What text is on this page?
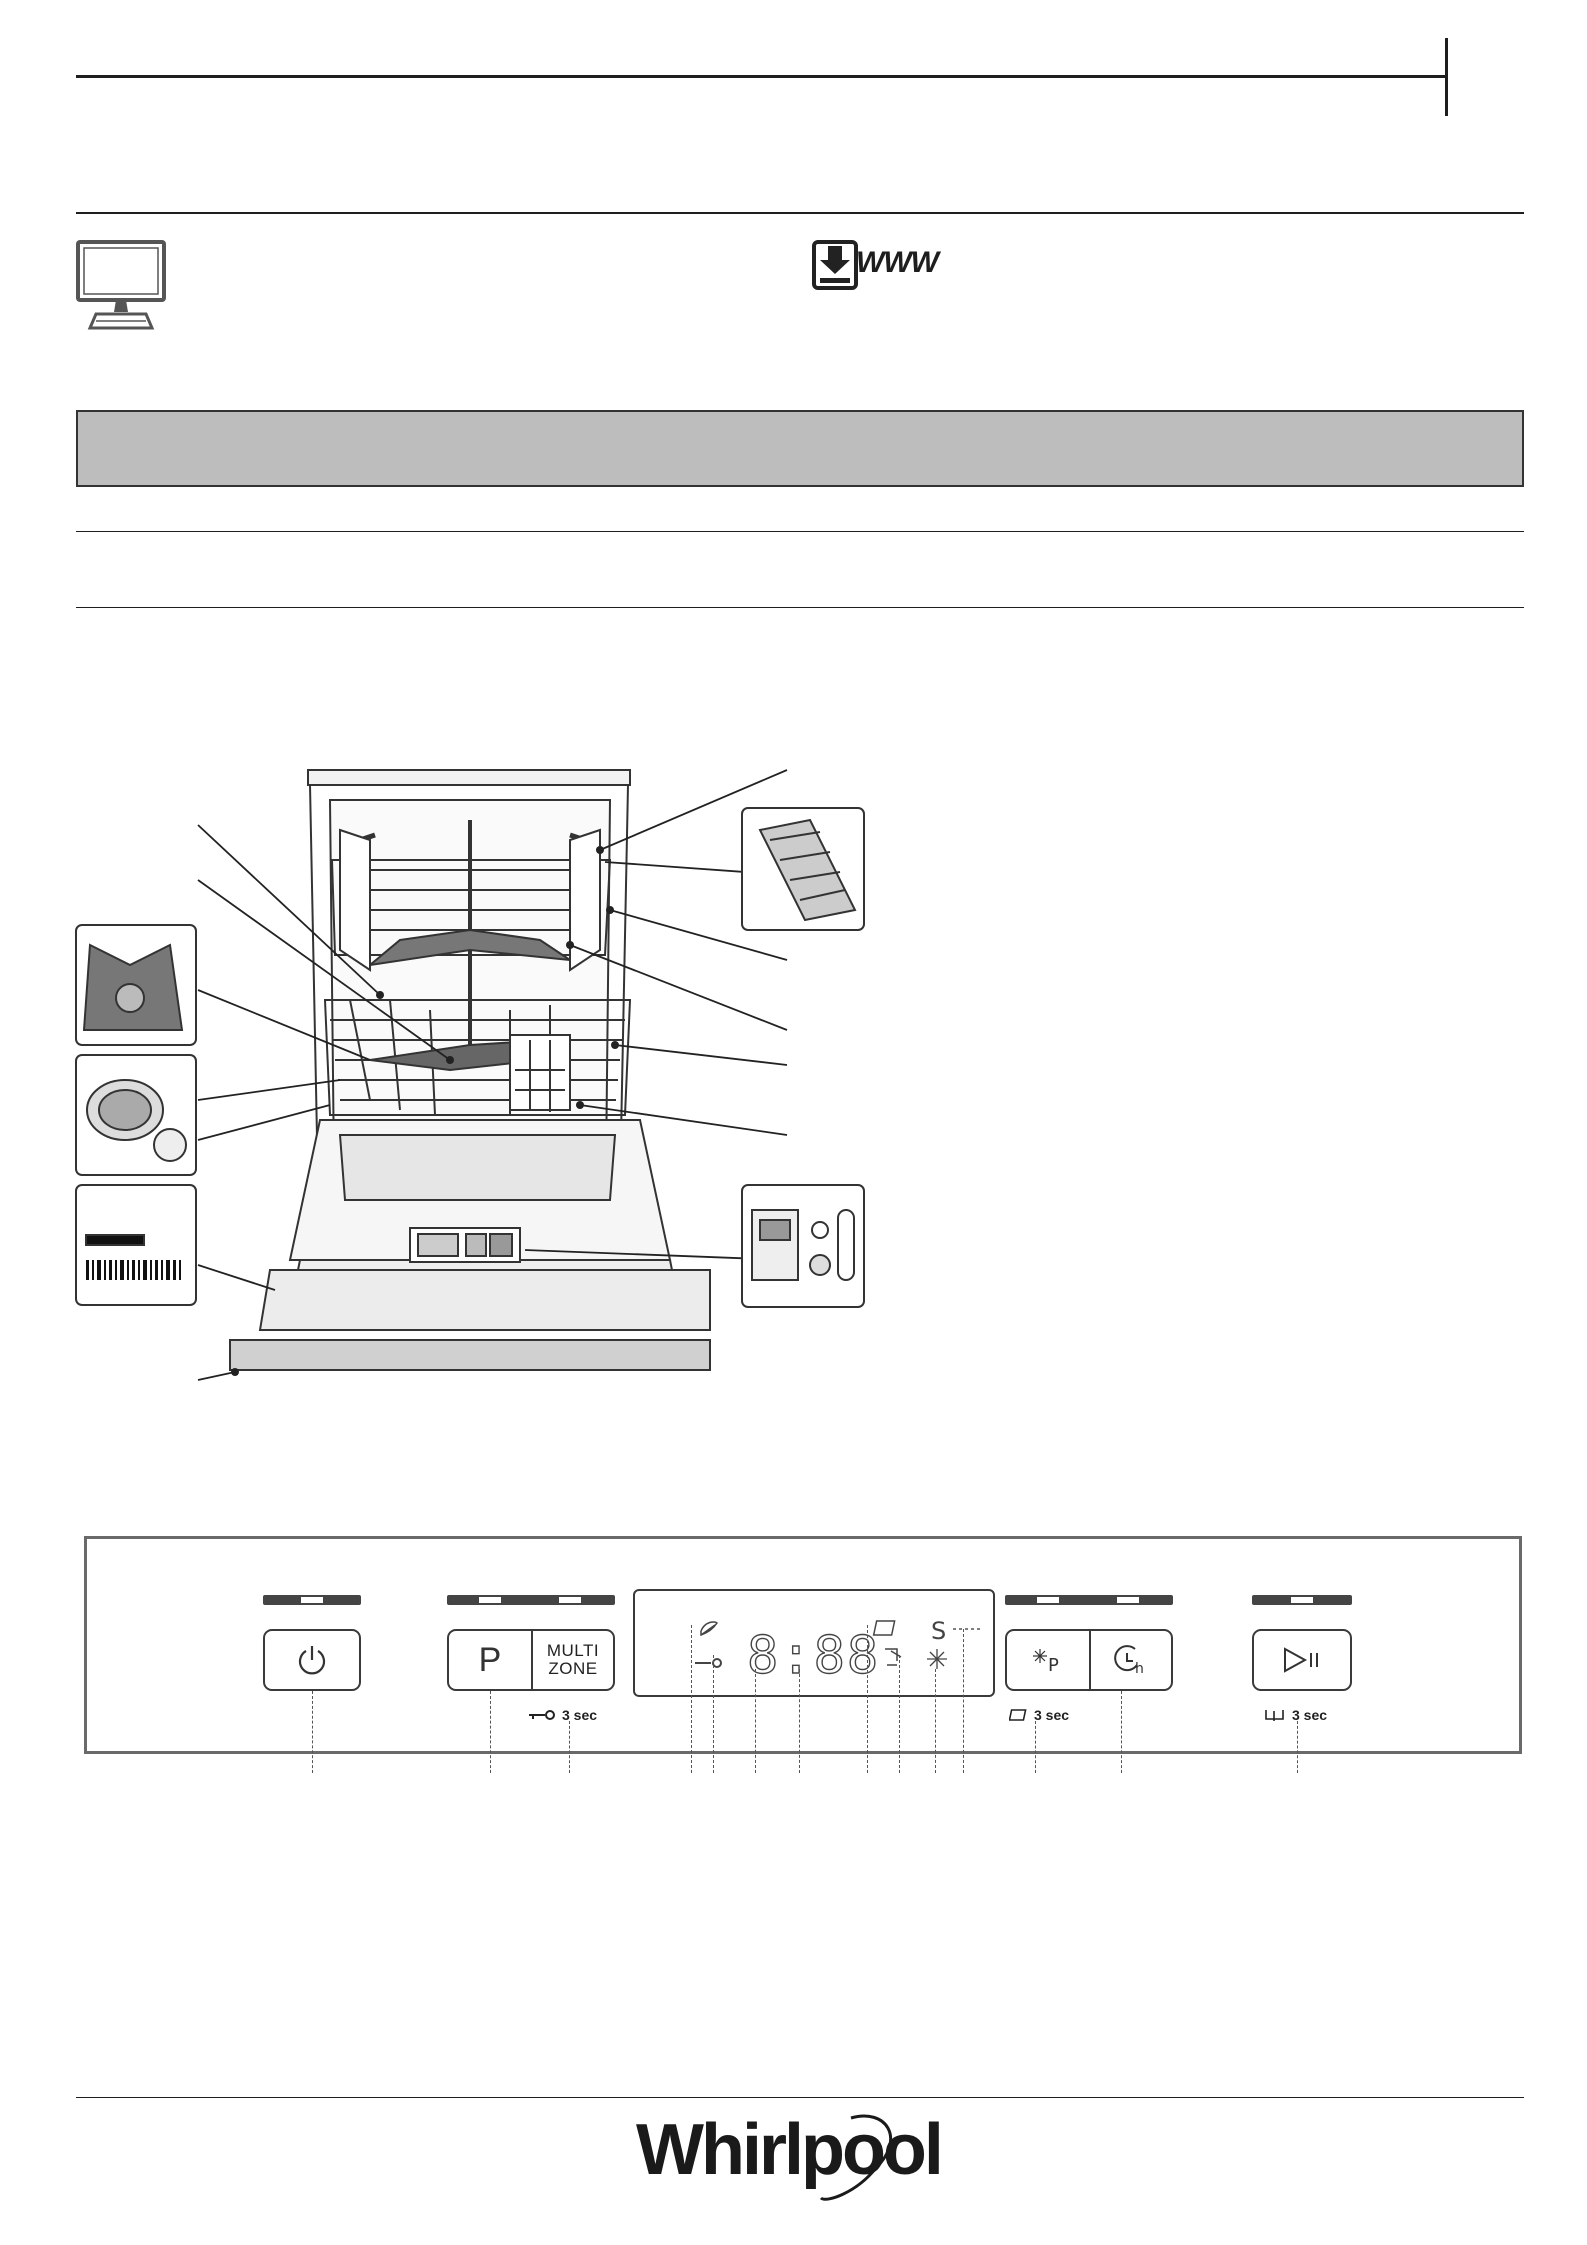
WWW
P	MULTI
ZONE
3 sec
8:88 S
P	h
3 sec	3 sec
Whirlpool
